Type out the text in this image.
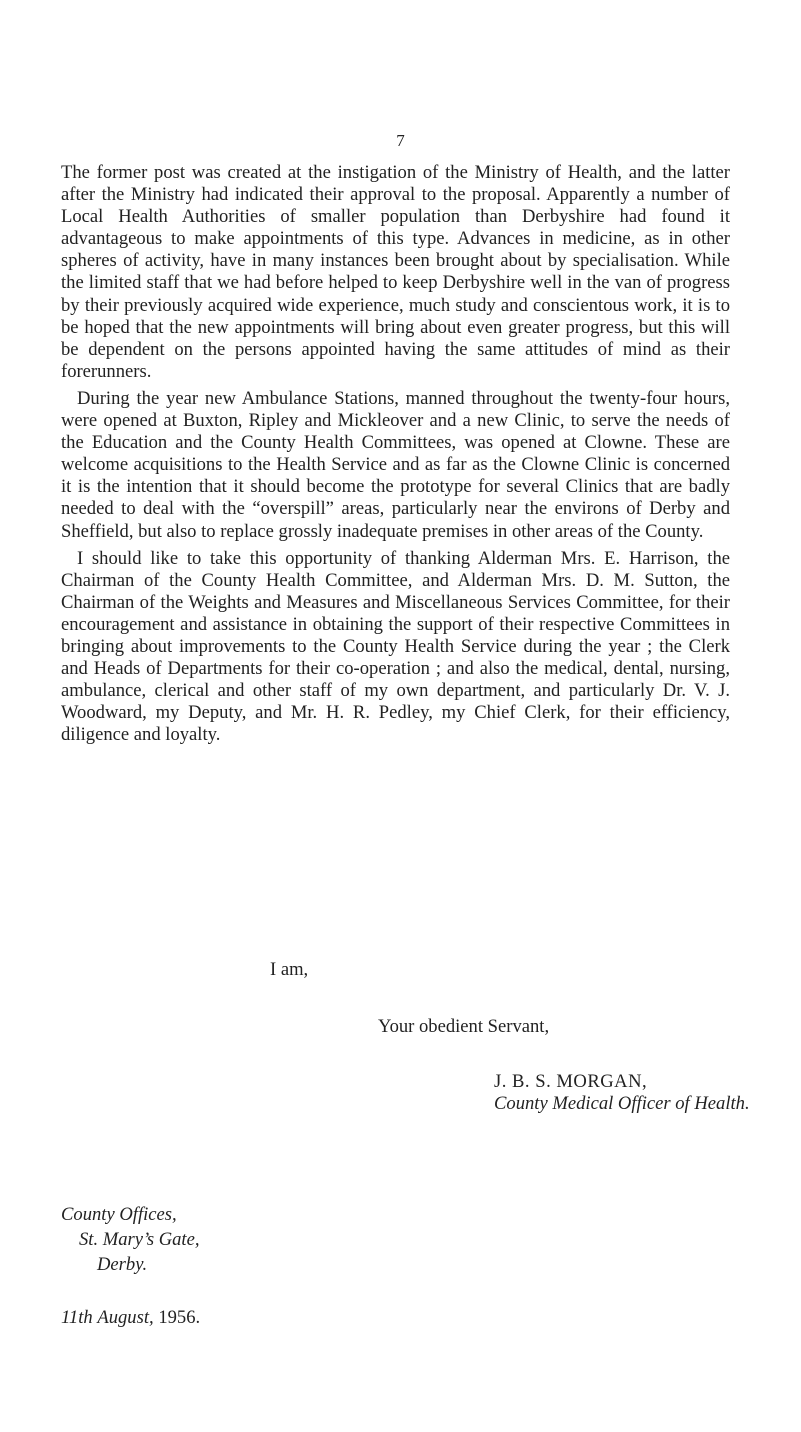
7

The former post was created at the instigation of the Ministry of Health, and the latter after the Ministry had indicated their approval to the proposal. Apparently a number of Local Health Authorities of smaller population than Derbyshire had found it advantageous to make appointments of this type. Advances in medicine, as in other spheres of activity, have in many instances been brought about by specialisation. While the limited staff that we had before helped to keep Derbyshire well in the van of progress by their previously acquired wide experience, much study and conscientous work, it is to be hoped that the new appointments will bring about even greater progress, but this will be dependent on the persons appointed having the same attitudes of mind as their forerunners.

During the year new Ambulance Stations, manned throughout the twenty-four hours, were opened at Buxton, Ripley and Mickleover and a new Clinic, to serve the needs of the Education and the County Health Committees, was opened at Clowne. These are welcome acquisitions to the Health Service and as far as the Clowne Clinic is concerned it is the intention that it should become the prototype for several Clinics that are badly needed to deal with the “overspill” areas, particularly near the environs of Derby and Sheffield, but also to replace grossly inadequate premises in other areas of the County.

I should like to take this opportunity of thanking Alderman Mrs. E. Harrison, the Chairman of the County Health Committee, and Alderman Mrs. D. M. Sutton, the Chairman of the Weights and Measures and Miscellaneous Services Committee, for their encouragement and assistance in obtaining the support of their respective Committees in bringing about improvements to the County Health Service during the year ; the Clerk and Heads of Departments for their co-operation ; and also the medical, dental, nursing, ambulance, clerical and other staff of my own department, and particularly Dr. V. J. Woodward, my Deputy, and Mr. H. R. Pedley, my Chief Clerk, for their efficiency, diligence and loyalty.

I am,
Your obedient Servant,
J. B. S. MORGAN,
County Medical Officer of Health.
County Offices,
St. Mary’s Gate,
Derby.
11th August, 1956.
